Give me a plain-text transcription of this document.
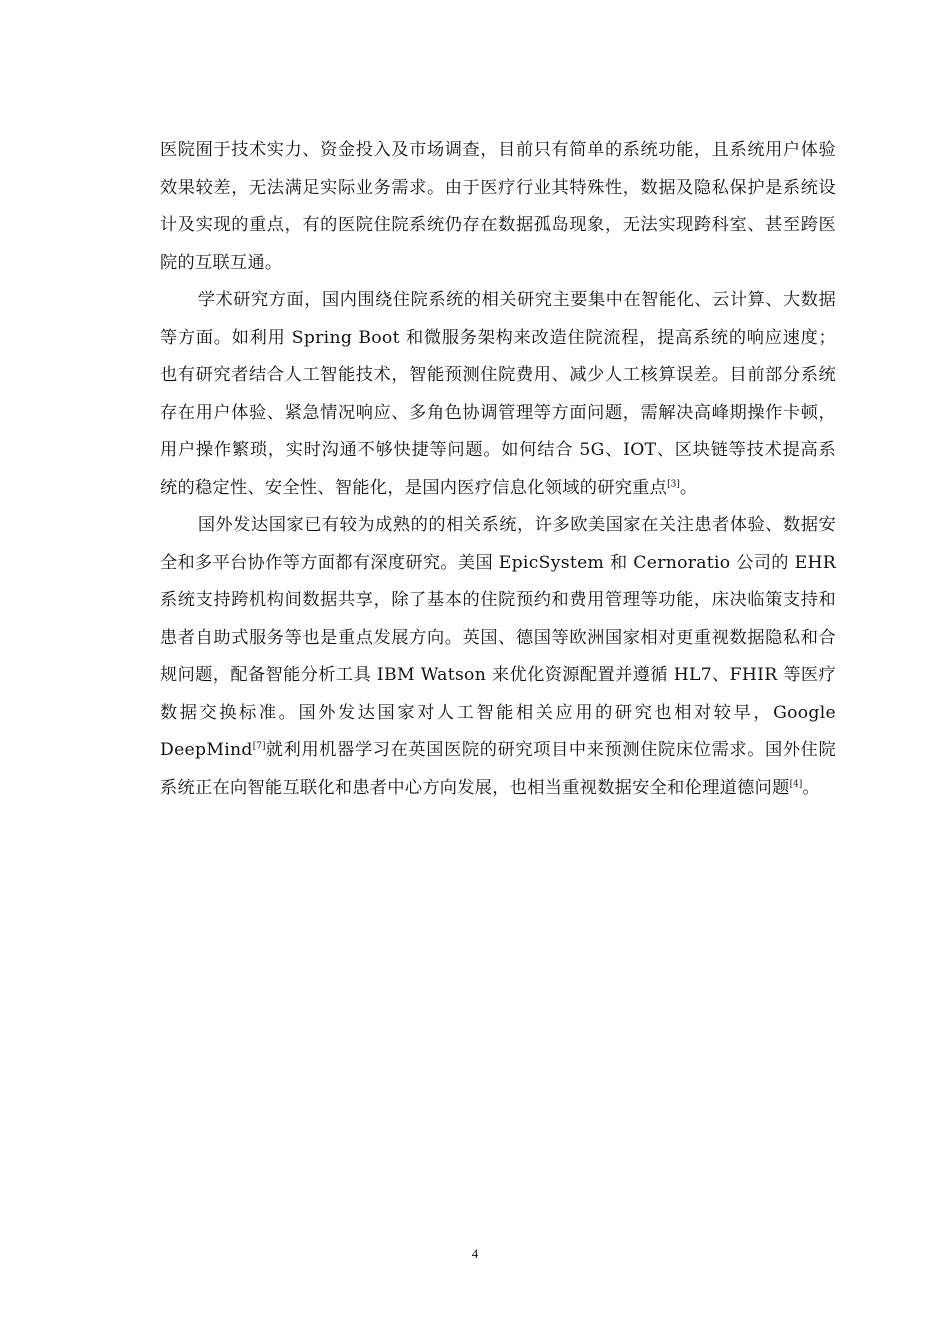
医院囿于技术实力、资金投入及市场调查，目前只有简单的系统功能，且系统用户体验效果较差，无法满足实际业务需求。由于医疗行业其特殊性，数据及隐私保护是系统设计及实现的重点，有的医院住院系统仍存在数据孤岛现象，无法实现跨科室、甚至跨医院的互联互通。

学术研究方面，国内围绕住院系统的相关研究主要集中在智能化、云计算、大数据等方面。如利用 Spring Boot 和微服务架构来改造住院流程，提高系统的响应速度；也有研究者结合人工智能技术，智能预测住院费用、减少人工核算误差。目前部分系统存在用户体验、紧急情况响应、多角色协调管理等方面问题，需解决高峰期操作卡顿，用户操作繁琐，实时沟通不够快捷等问题。如何结合 5G、IOT、区块链等技术提高系统的稳定性、安全性、智能化，是国内医疗信息化领域的研究重点[3]。

国外发达国家已有较为成熟的的相关系统，许多欧美国家在关注患者体验、数据安全和多平台协作等方面都有深度研究。美国 EpicSystem 和 Cernoratio 公司的 EHR 系统支持跨机构间数据共享，除了基本的住院预约和费用管理等功能，床决临策支持和患者自助式服务等也是重点发展方向。英国、德国等欧洲国家相对更重视数据隐私和合规问题，配备智能分析工具 IBM Watson 来优化资源配置并遵循 HL7、FHIR 等医疗数据交换标准。国外发达国家对人工智能相关应用的研究也相对较早，Google DeepMind[7]就利用机器学习在英国医院的研究项目中来预测住院床位需求。国外住院系统正在向智能互联化和患者中心方向发展，也相当重视数据安全和伦理道德问题[4]。

4
